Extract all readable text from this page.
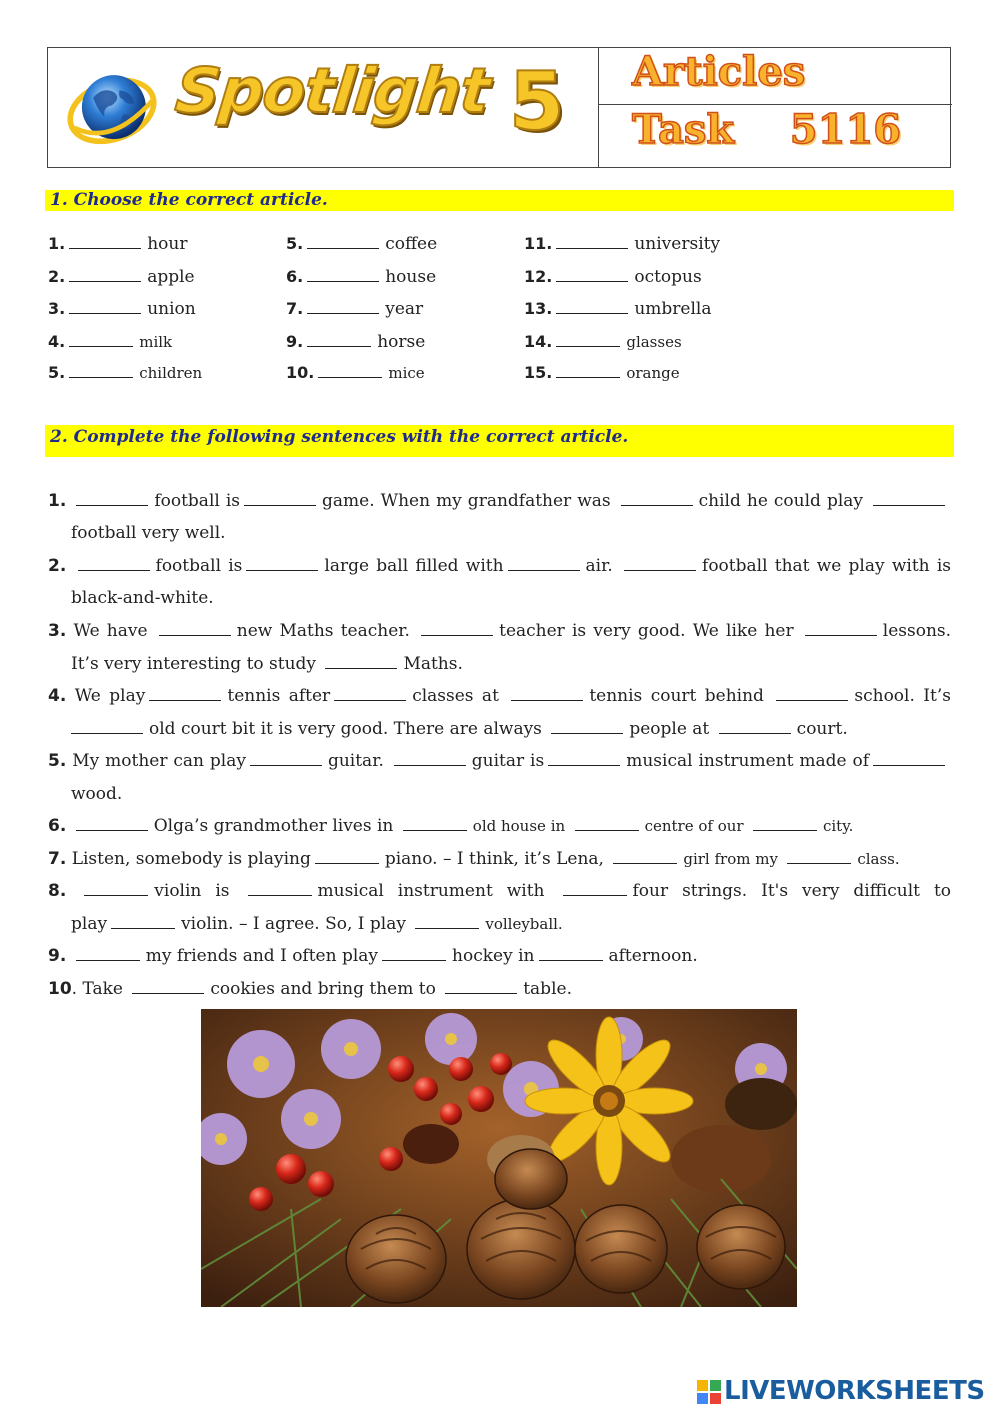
Spotlight 5 Articles
Task    5116
1. Choose the correct article.
1.	hour
2.	apple
3.	union
4.	milk
5.	children
5.	coffee
6.	house
7.	year
9.	horse
10.	mice
11.	university
12.	octopus
13.	umbrella
14.	glasses
15.	orange
2. Complete the following sentences with the correct article.
1.	football is	game. When my grandfather was	child he could play
football very well.
2.	football is	large ball filled with	air.	football that we play with is
black-and-white.
3. We have	new Maths teacher.	teacher is very good. We like her	lessons.
It’s very interesting to study	Maths.
4. We play	tennis after	classes at	tennis court behind	school. It’s
old court bit it is very good. There are always	people at	court.
5. My mother can play	guitar.	guitar is	musical instrument made of
wood.
6.	Olga’s grandmother lives in	old house in	centre of our	city.
7. Listen, somebody is playing	piano. – I think, it’s Lena,	girl from my	class.
8.	violin is	musical instrument with	four strings. It's very difficult to
play	violin. – I agree. So, I play	volleyball.
9.	my friends and I often play	hockey in	afternoon.
10. Take	cookies and bring them to	table.
LIVEWORKSHEETS
